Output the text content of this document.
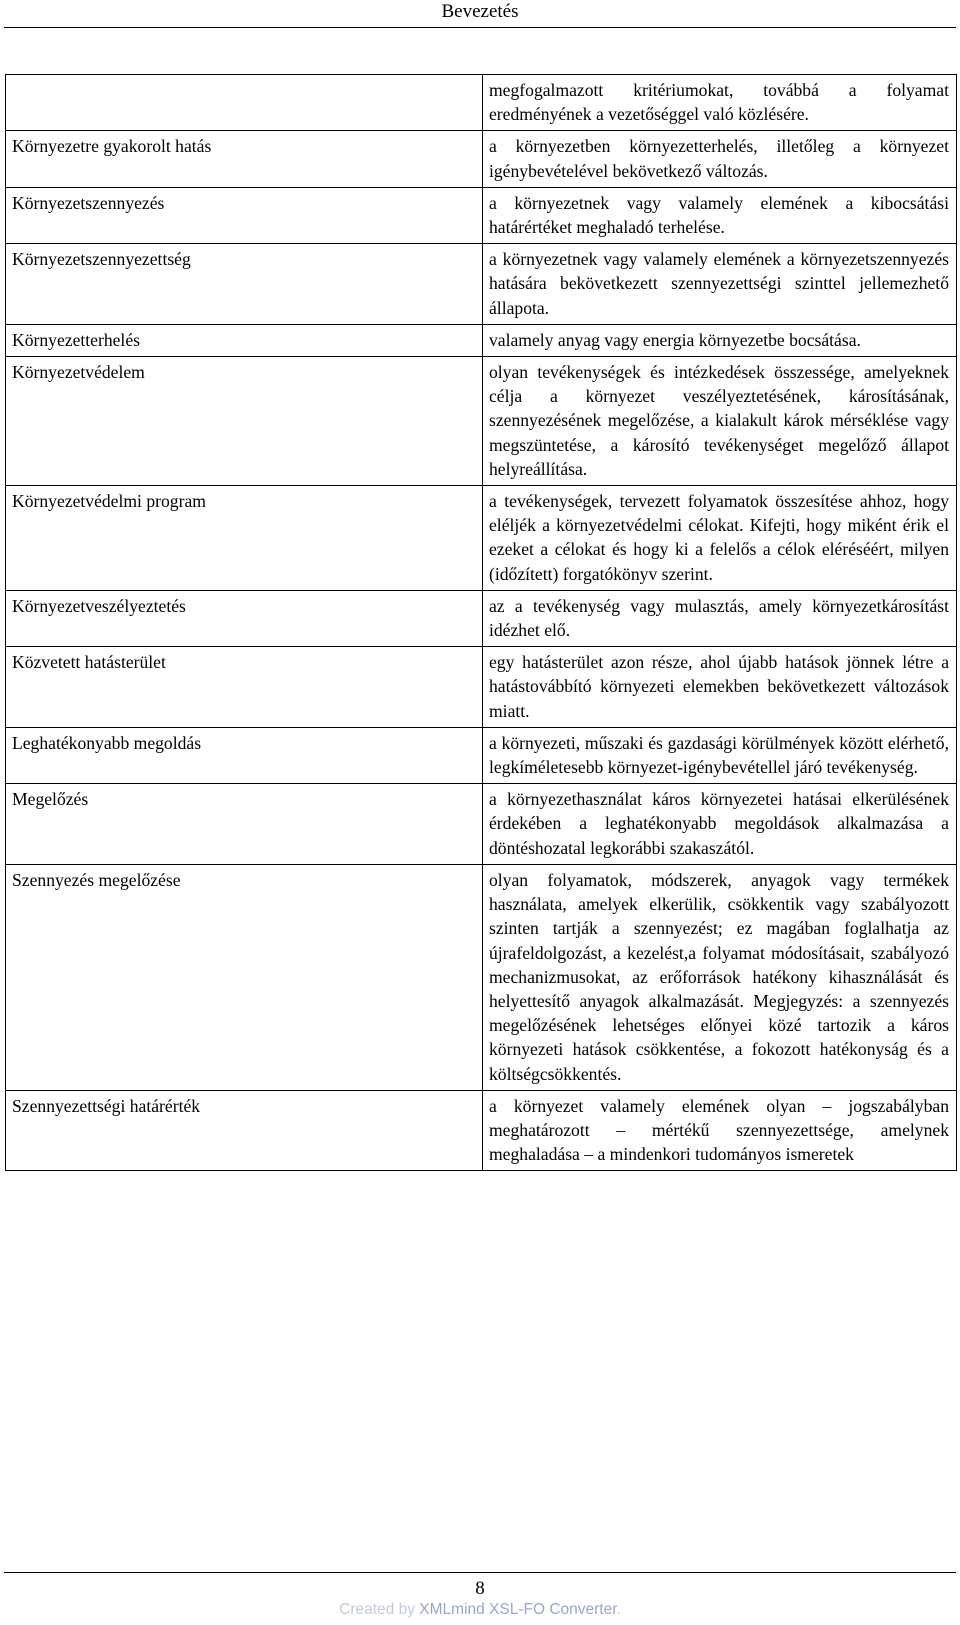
Bevezetés
	megfogalmazott kritériumokat, továbbá a folyamat eredményének a vezetőséggel való közlésére.
Környezetre gyakorolt hatás	a környezetben környezetterhelés, illetőleg a környezet igénybevételével bekövetkező változás.
Környezetszennyezés	a környezetnek vagy valamely elemének a kibocsátási határértéket meghaladó terhelése.
Környezetszennyezettség	a környezetnek vagy valamely elemének a környezetszennyezés hatására bekövetkezett szennyezettségi szinttel jellemezhető állapota.
Környezetterhelés	valamely anyag vagy energia környezetbe bocsátása.
Környezetvédelem	olyan tevékenységek és intézkedések összessége, amelyeknek célja a környezet veszélyeztetésének, károsításának, szennyezésének megelőzése, a kialakult károk mérséklése vagy megszüntetése, a károsító tevékenységet megelőző állapot helyreállítása.
Környezetvédelmi program	a tevékenységek, tervezett folyamatok összesítése ahhoz, hogy eléljék a környezetvédelmi célokat. Kifejti, hogy miként érik el ezeket a célokat és hogy ki a felelős a célok eléréséért, milyen (időzített) forgatókönyv szerint.
Környezetveszélyeztetés	az a tevékenység vagy mulasztás, amely környezetkárosítást idézhet elő.
Közvetett hatásterület	egy hatásterület azon része, ahol újabb hatások jönnek létre a hatástovábbító környezeti elemekben bekövetkezett változások miatt.
Leghatékonyabb megoldás	a környezeti, műszaki és gazdasági körülmények között elérhető, legkíméletesebb környezet-igénybevétellel járó tevékenység.
Megelőzés	a környezethasználat káros környezetei hatásai elkerülésének érdekében a leghatékonyabb megoldások alkalmazása a döntéshozatal legkorábbi szakaszától.
Szennyezés megelőzése	olyan folyamatok, módszerek, anyagok vagy termékek használata, amelyek elkerülik, csökkentik vagy szabályozott szinten tartják a szennyezést; ez magában foglalhatja az újrafeldolgozást, a kezelést,a folyamat módosításait, szabályozó mechanizmusokat, az erőforrások hatékony kihasználását és helyettesítő anyagok alkalmazását. Megjegyzés: a szennyezés megelőzésének lehetséges előnyei közé tartozik a káros környezeti hatások csökkentése, a fokozott hatékonyság és a költségcsökkentés.
Szennyezettségi határérték	a környezet valamely elemének olyan – jogszabályban meghatározott – mértékű szennyezettsége, amelynek meghaladása – a mindenkori tudományos ismeretek
8
Created by XMLmind XSL-FO Converter.
